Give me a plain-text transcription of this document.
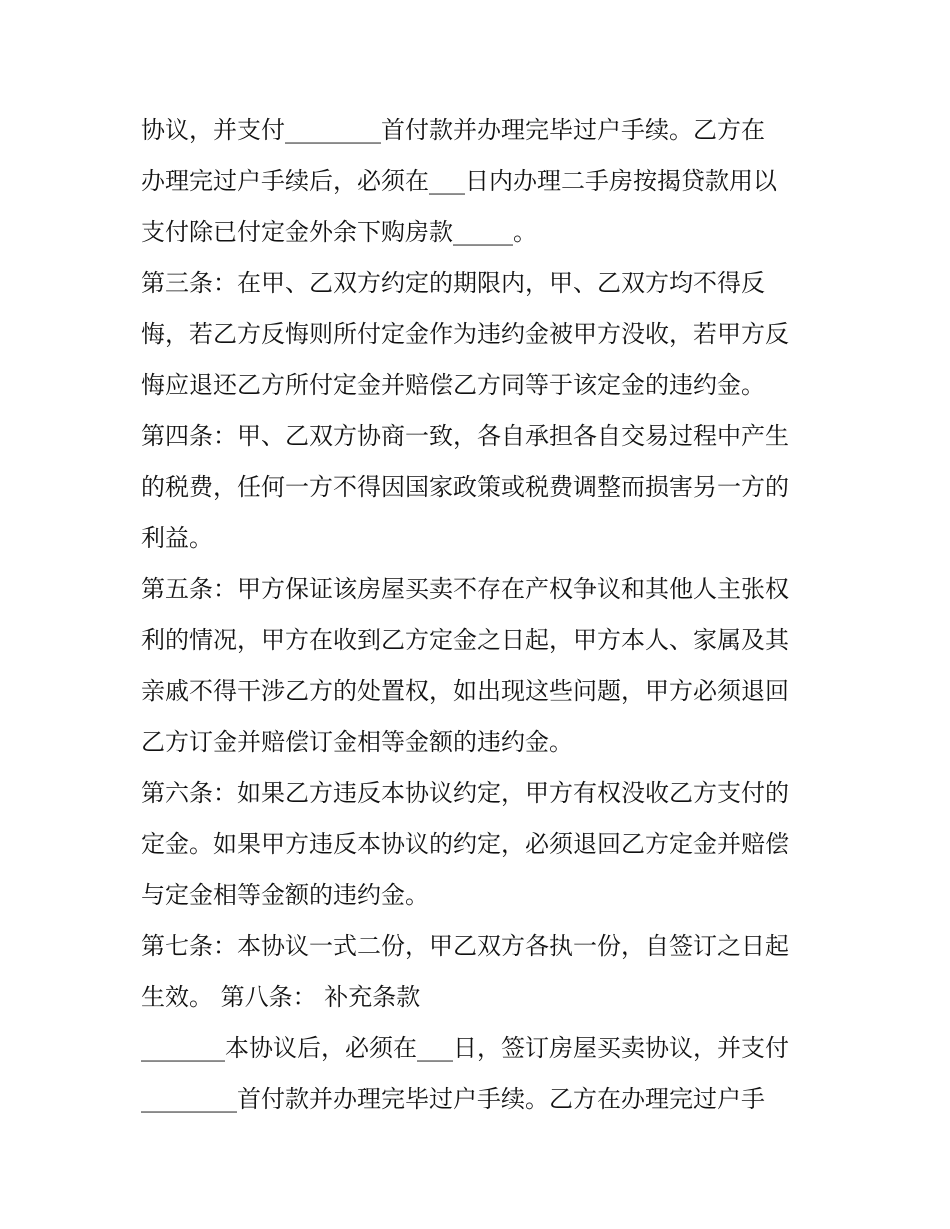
协议，并支付________首付款并办理完毕过户手续。乙方在
办理完过户手续后，必须在___日内办理二手房按揭贷款用以
支付除已付定金外余下购房款_____。
第三条：在甲、乙双方约定的期限内，甲、乙双方均不得反
悔，若乙方反悔则所付定金作为违约金被甲方没收，若甲方反
悔应退还乙方所付定金并赔偿乙方同等于该定金的违约金。
第四条：甲、乙双方协商一致，各自承担各自交易过程中产生
的税费，任何一方不得因国家政策或税费调整而损害另一方的
利益。
第五条：甲方保证该房屋买卖不存在产权争议和其他人主张权
利的情况，甲方在收到乙方定金之日起，甲方本人、家属及其
亲戚不得干涉乙方的处置权，如出现这些问题，甲方必须退回
乙方订金并赔偿订金相等金额的违约金。
第六条：如果乙方违反本协议约定，甲方有权没收乙方支付的
定金。如果甲方违反本协议的约定，必须退回乙方定金并赔偿
与定金相等金额的违约金。
第七条：本协议一式二份，甲乙双方各执一份，自签订之日起
生效。 第八条： 补充条款
_______本协议后，必须在___日，签订房屋买卖协议，并支付
________首付款并办理完毕过户手续。乙方在办理完过户手
